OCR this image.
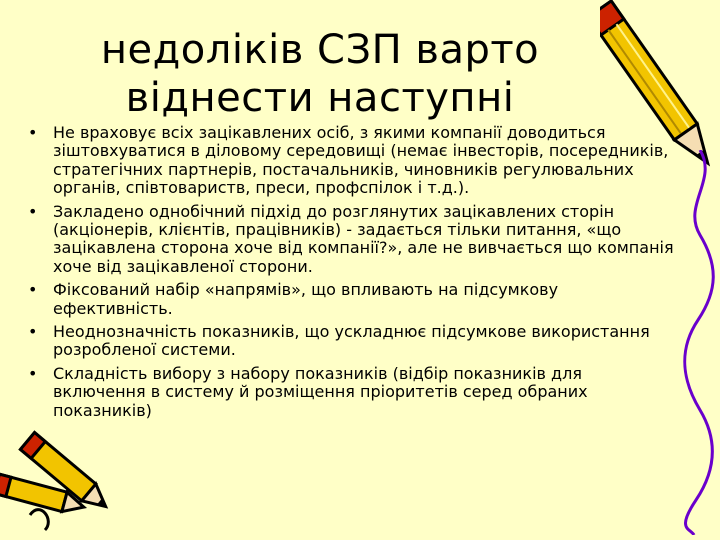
недоліків СЗП варто
віднести наступні
• Не враховує всіх зацікавлених осіб, з якими компанії доводиться зіштовхуватися в діловому середовищі (немає інвесторів, посередників, стратегічних партнерів, постачальників, чиновників регулювальних органів, співтовариств, преси, профспілок і т.д.).
• Закладено однобічний підхід до розглянутих зацікавлених сторін (акціонерів, клієнтів, працівників) - задається тільки питання, «що зацікавлена сторона хоче від компанії?», але не вивчається що компанія хоче від зацікавленої сторони.
• Фіксований набір «напрямів», що впливають на підсумкову ефективність.
• Неоднозначність показників, що ускладнює підсумкове використання розробленої системи.
• Складність вибору з набору показників (відбір показників для включення в систему й розміщення пріоритетів серед обраних показників)
